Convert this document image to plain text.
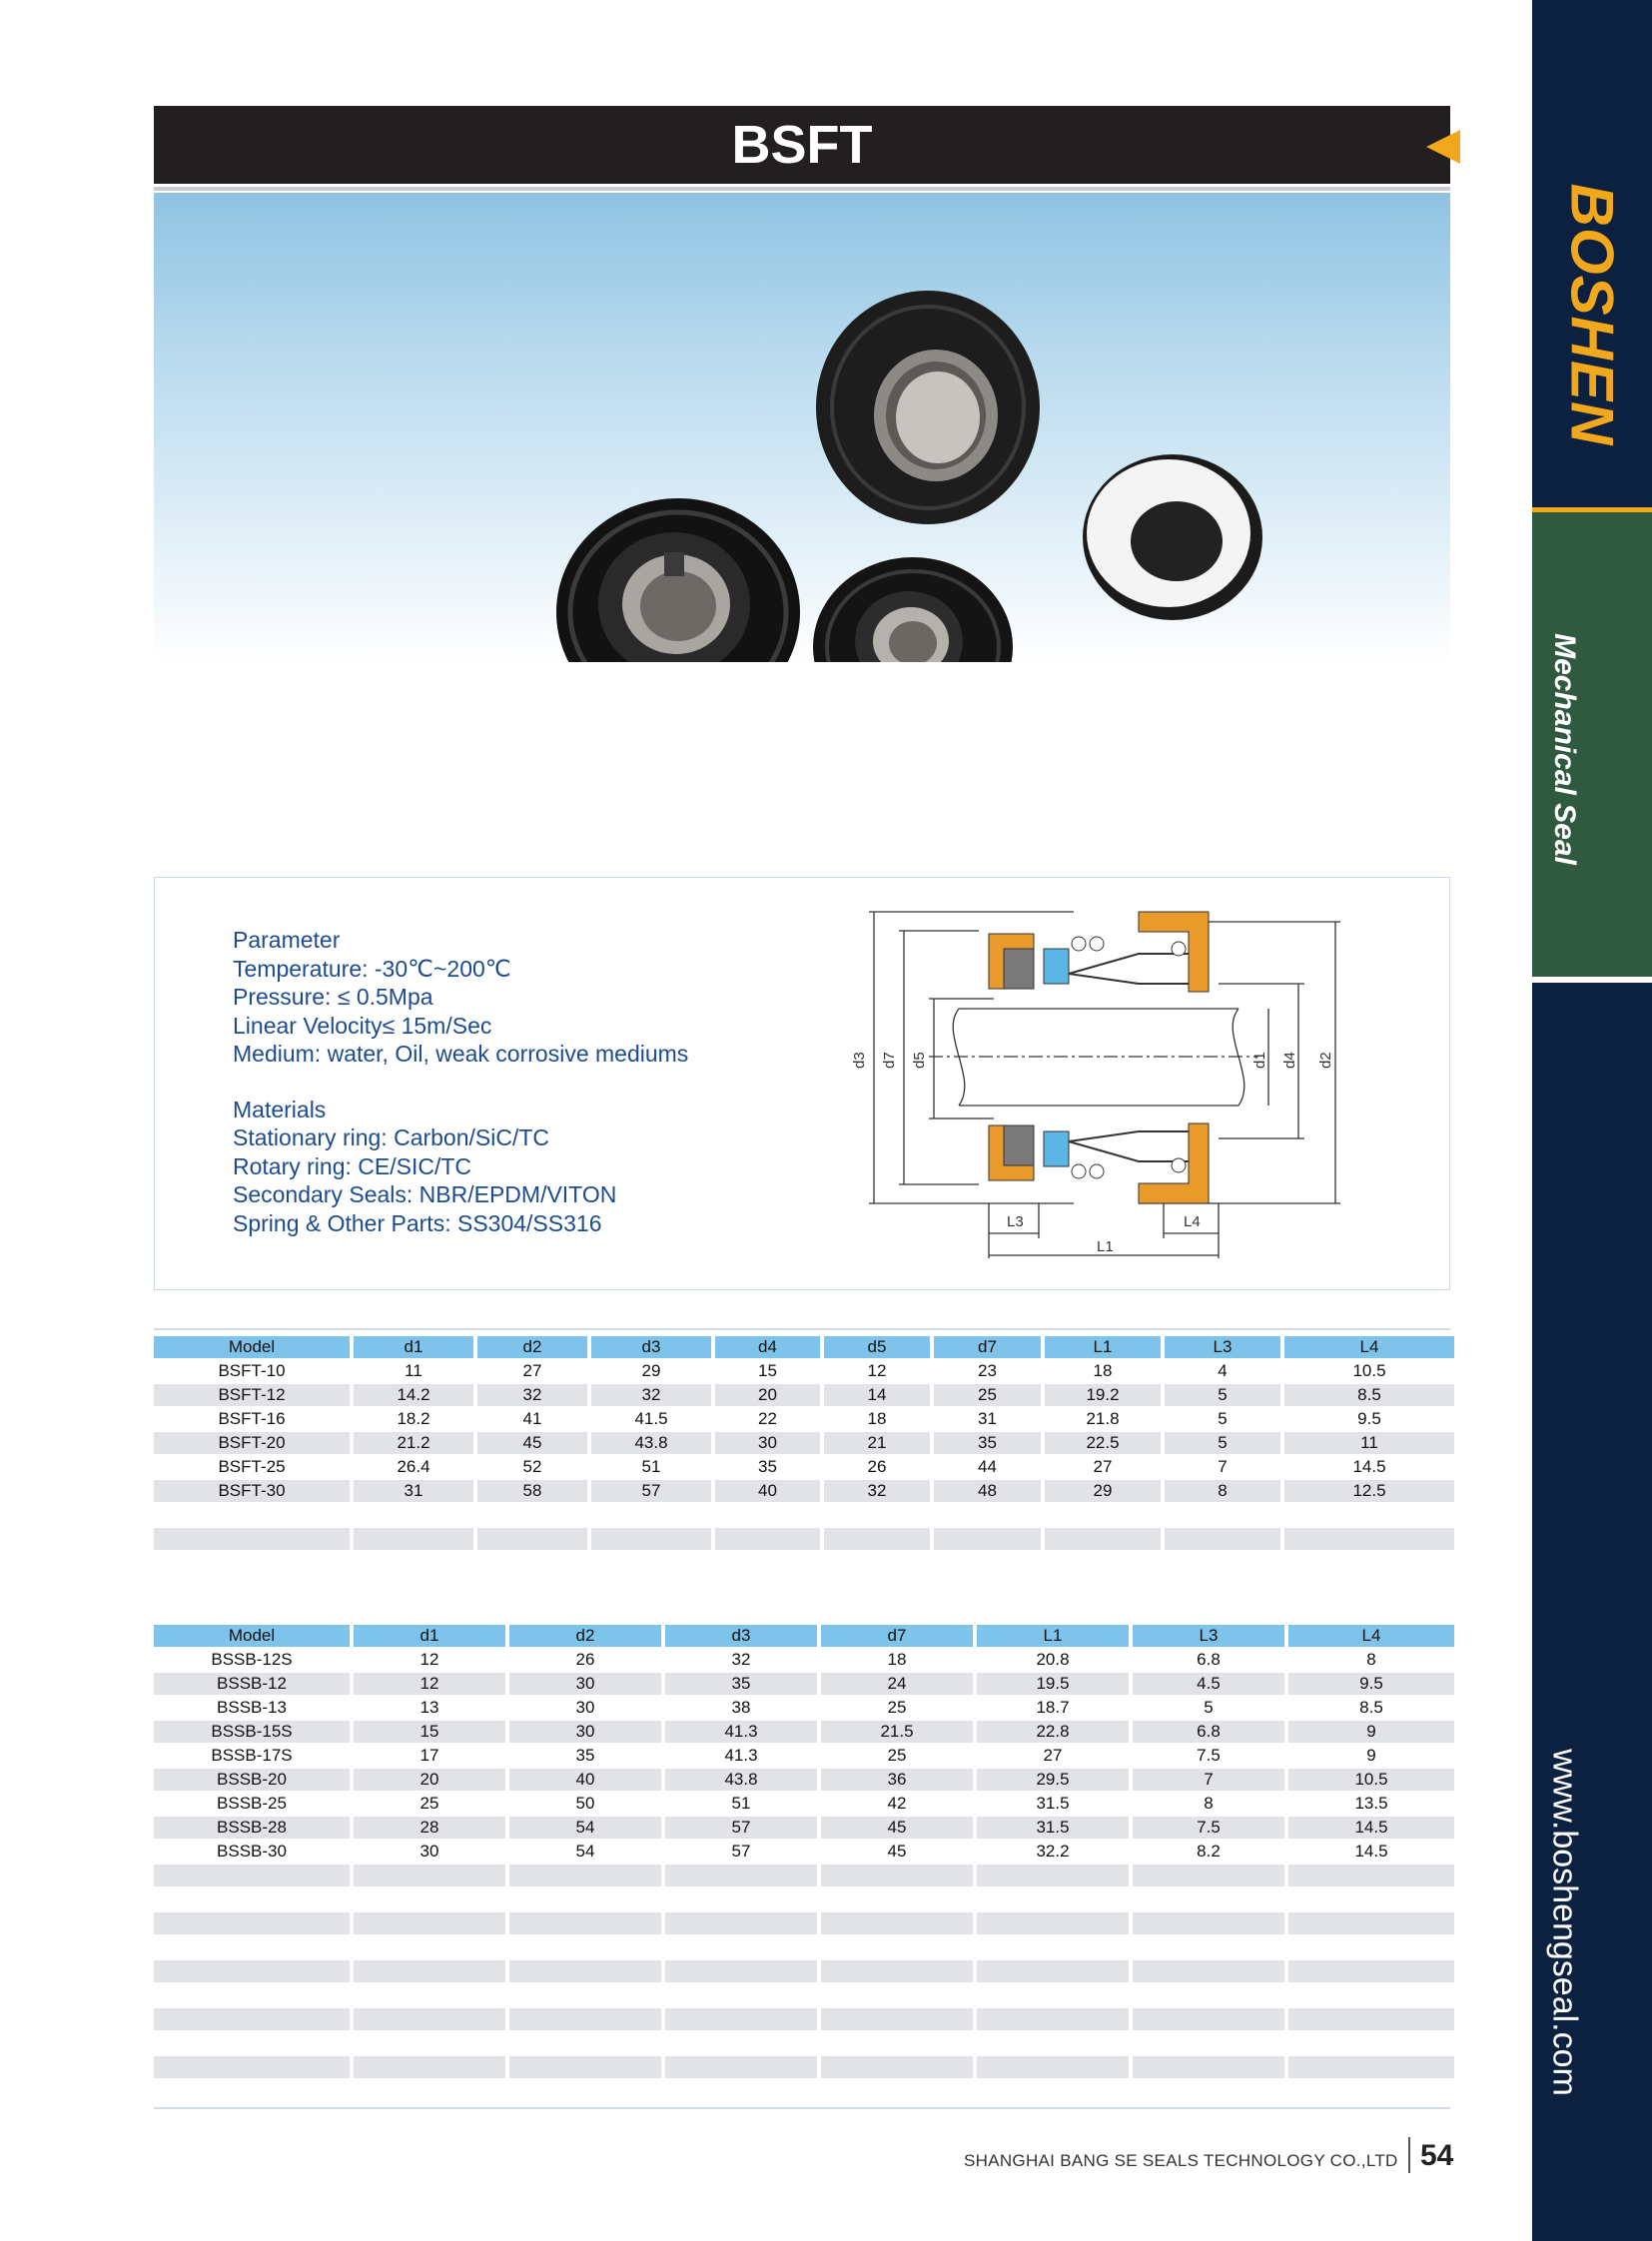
BOSHEN
Mechanical Seal
www.boshengseal.com
BSFT
Parameter
Temperature: -30℃~200℃
Pressure: ≤ 0.5Mpa
Linear Velocity≤ 15m/Sec
Medium: water, Oil, weak corrosive mediums
Materials
Stationary ring: Carbon/SiC/TC
Rotary ring: CE/SIC/TC
Secondary Seals: NBR/EPDM/VITON
Spring & Other Parts: SS304/SS316
d3 d7 d5	d1 d4 d2
L3	L4
L1
Model	d1	d2	d3	d4	d5	d7	L1	L3	L4
BSFT-10	11	27	29	15	12	23	18	4	10.5
BSFT-12	14.2	32	32	20	14	25	19.2	5	8.5
BSFT-16	18.2	41	41.5	22	18	31	21.8	5	9.5
BSFT-20	21.2	45	43.8	30	21	35	22.5	5	11
BSFT-25	26.4	52	51	35	26	44	27	7	14.5
BSFT-30	31	58	57	40	32	48	29	8	12.5

Model	d1	d2	d3	d7	L1	L3	L4
BSSB-12S	12	26	32	18	20.8	6.8	8
BSSB-12	12	30	35	24	19.5	4.5	9.5
BSSB-13	13	30	38	25	18.7	5	8.5
BSSB-15S	15	30	41.3	21.5	22.8	6.8	9
BSSB-17S	17	35	41.3	25	27	7.5	9
BSSB-20	20	40	43.8	36	29.5	7	10.5
BSSB-25	25	50	51	42	31.5	8	13.5
BSSB-28	28	54	57	45	31.5	7.5	14.5
BSSB-30	30	54	57	45	32.2	8.2	14.5

SHANGHAI BANG SE SEALS TECHNOLOGY CO.,LTD 54
